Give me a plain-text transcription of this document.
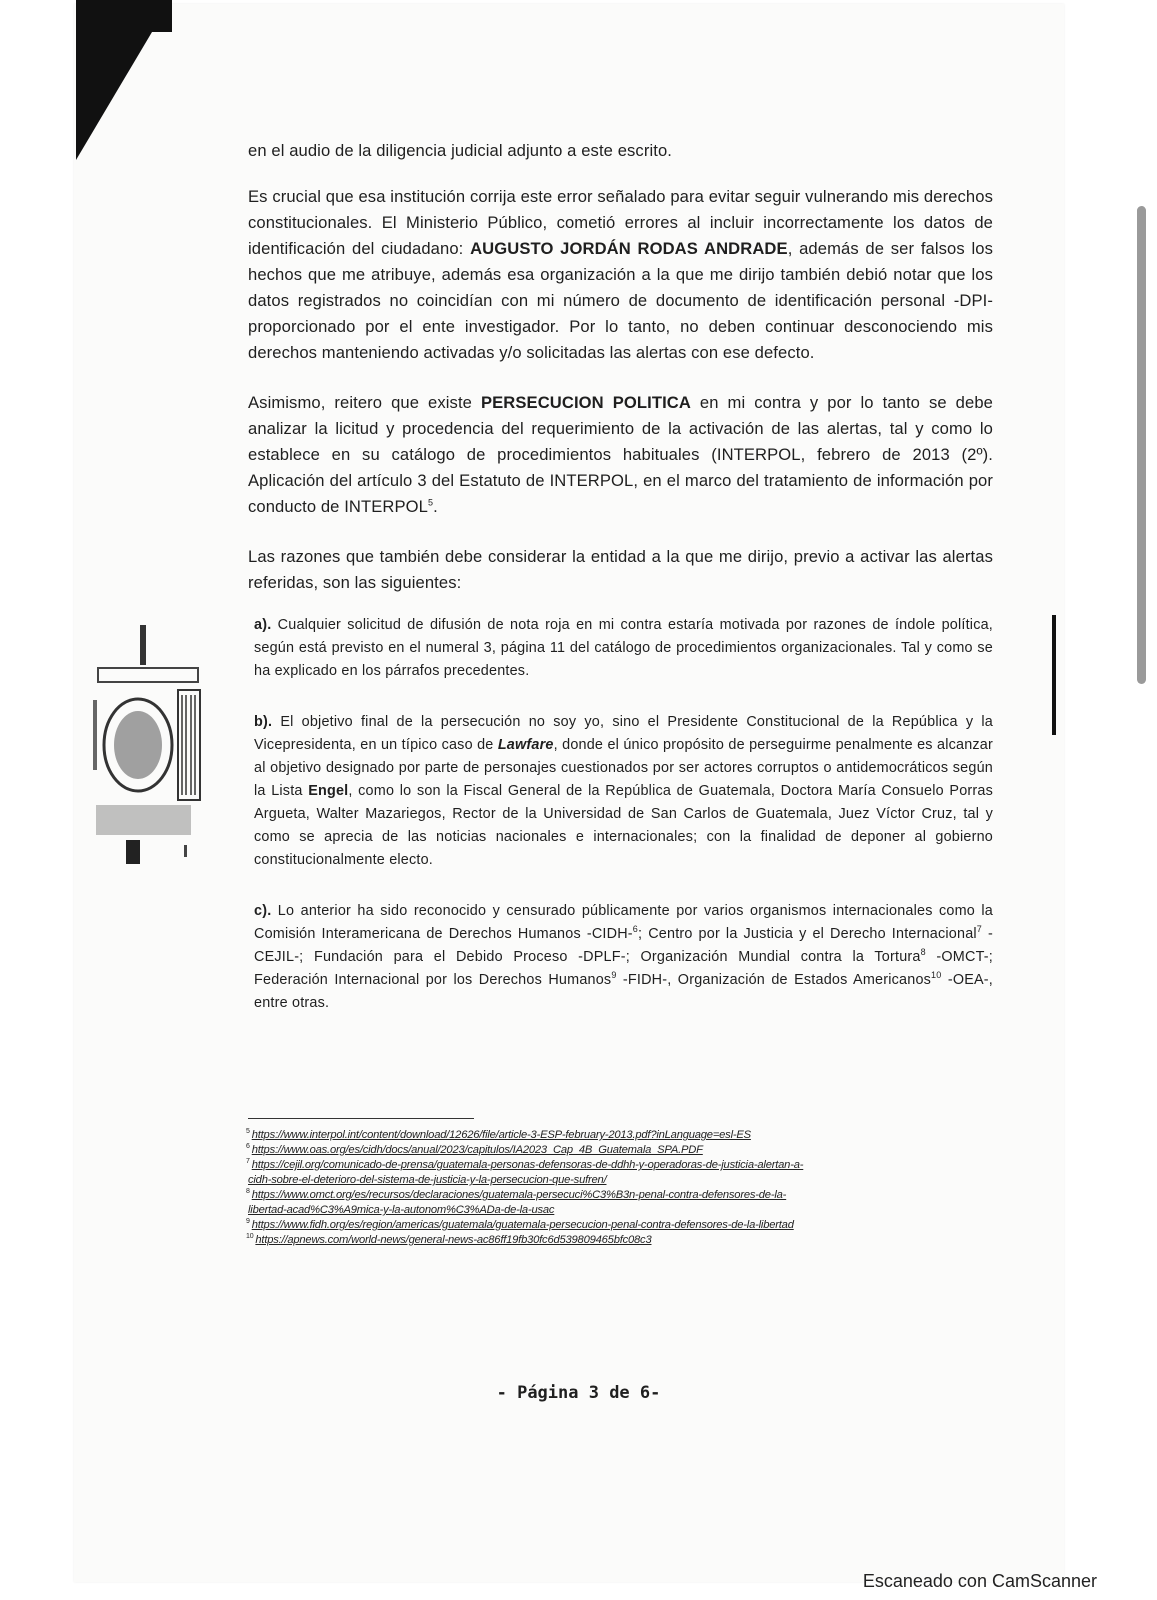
en el audio de la diligencia judicial adjunto a este escrito.

Es crucial que esa institución corrija este error señalado para evitar seguir vulnerando mis derechos constitucionales. El Ministerio Público, cometió errores al incluir incorrectamente los datos de identificación del ciudadano: AUGUSTO JORDÁN RODAS ANDRADE, además de ser falsos los hechos que me atribuye, además esa organización a la que me dirijo también debió notar que los datos registrados no coincidían con mi número de documento de identificación personal -DPI- proporcionado por el ente investigador. Por lo tanto, no deben continuar desconociendo mis derechos manteniendo activadas y/o solicitadas las alertas con ese defecto.

Asimismo, reitero que existe PERSECUCION POLITICA en mi contra y por lo tanto se debe analizar la licitud y procedencia del requerimiento de la activación de las alertas, tal y como lo establece en su catálogo de procedimientos habituales (INTERPOL, febrero de 2013 (2º). Aplicación del artículo 3 del Estatuto de INTERPOL, en el marco del tratamiento de información por conducto de INTERPOL$^5$.

Las razones que también debe considerar la entidad a la que me dirijo, previo a activar las alertas referidas, son las siguientes:

a). Cualquier solicitud de difusión de nota roja en mi contra estaría motivada por razones de índole política, según está previsto en el numeral 3, página 11 del catálogo de procedimientos organizacionales. Tal y como se ha explicado en los párrafos precedentes.

b). El objetivo final de la persecución no soy yo, sino el Presidente Constitucional de la República y la Vicepresidenta, en un típico caso de Lawfare, donde el único propósito de perseguirme penalmente es alcanzar al objetivo designado por parte de personajes cuestionados por ser actores corruptos o antidemocráticos según la Lista Engel, como lo son la Fiscal General de la República de Guatemala, Doctora María Consuelo Porras Argueta, Walter Mazariegos, Rector de la Universidad de San Carlos de Guatemala, Juez Víctor Cruz, tal y como se aprecia de las noticias nacionales e internacionales; con la finalidad de deponer al gobierno constitucionalmente electo.

c). Lo anterior ha sido reconocido y censurado públicamente por varios organismos internacionales como la Comisión Interamericana de Derechos Humanos -CIDH-$^6$; Centro por la Justicia y el Derecho Internacional$^7$ -CEJIL-; Fundación para el Debido Proceso -DPLF-; Organización Mundial contra la Tortura$^8$ -OMCT-; Federación Internacional por los Derechos Humanos$^9$ -FIDH-, Organización de Estados Americanos$^{10}$ -OEA-, entre otras.

$^5$ https://www.interpol.int/content/download/12626/file/article-3-ESP-february-2013.pdf?inLanguage=esl-ES
$^6$ https://www.oas.org/es/cidh/docs/anual/2023/capitulos/IA2023_Cap_4B_Guatemala_SPA.PDF
$^7$ https://cejil.org/comunicado-de-prensa/guatemala-personas-defensoras-de-ddhh-y-operadoras-de-justicia-alertan-a-
cidh-sobre-el-deterioro-del-sistema-de-justicia-y-la-persecucion-que-sufren/
$^8$ https://www.omct.org/es/recursos/declaraciones/guatemala-persecuci%C3%B3n-penal-contra-defensores-de-la-
libertad-acad%C3%A9mica-y-la-autonom%C3%ADa-de-la-usac
$^9$ https://www.fidh.org/es/region/americas/guatemala/guatemala-persecucion-penal-contra-defensores-de-la-libertad
$^{10}$ https://apnews.com/world-news/general-news-ac86ff19fb30fc6d539809465bfc08c3
- Página 3 de 6-
Escaneado con CamScanner
